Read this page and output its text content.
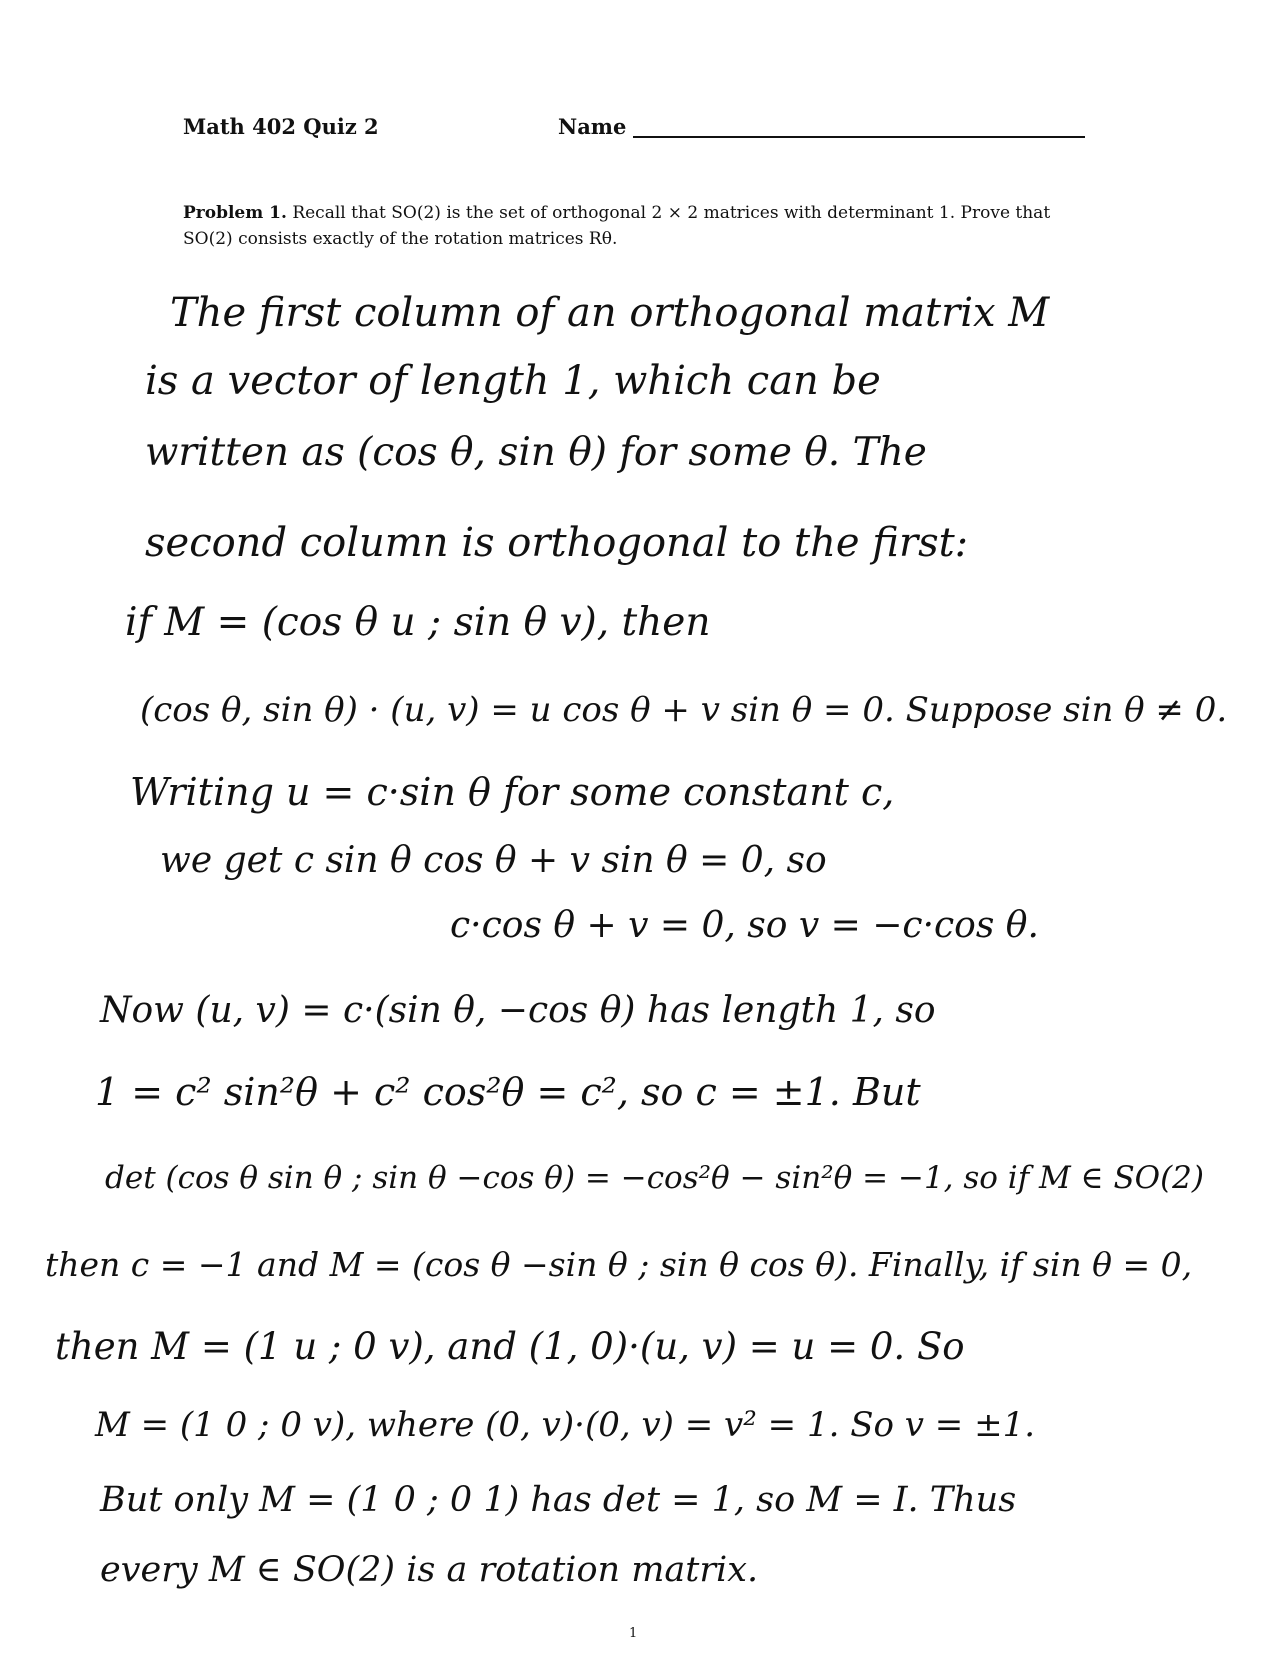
Math 402 Quiz 2	Name

Problem 1. Recall that SO(2) is the set of orthogonal 2 × 2 matrices with determinant 1. Prove that SO(2) consists exactly of the rotation matrices Rθ.

The first column of an orthogonal matrix M

is a vector of length 1, which can be

written as (cos θ, sin θ) for some θ. The

second column is orthogonal to the first:

if M = (cos θ u ; sin θ v), then

(cos θ, sin θ) · (u, v) = u cos θ + v sin θ = 0. Suppose sin θ ≠ 0.

Writing u = c·sin θ for some constant c,

we get c sin θ cos θ + v sin θ = 0, so

c·cos θ + v = 0, so v = −c·cos θ.

Now (u, v) = c·(sin θ, −cos θ) has length 1, so

1 = c² sin²θ + c² cos²θ = c², so c = ±1. But

det (cos θ sin θ ; sin θ −cos θ) = −cos²θ − sin²θ = −1, so if M ∈ SO(2)

then c = −1 and M = (cos θ −sin θ ; sin θ cos θ). Finally, if sin θ = 0,

then M = (1 u ; 0 v), and (1, 0)·(u, v) = u = 0. So

M = (1 0 ; 0 v), where (0, v)·(0, v) = v² = 1. So v = ±1.

But only M = (1 0 ; 0 1) has det = 1, so M = I. Thus

every M ∈ SO(2) is a rotation matrix.

1
